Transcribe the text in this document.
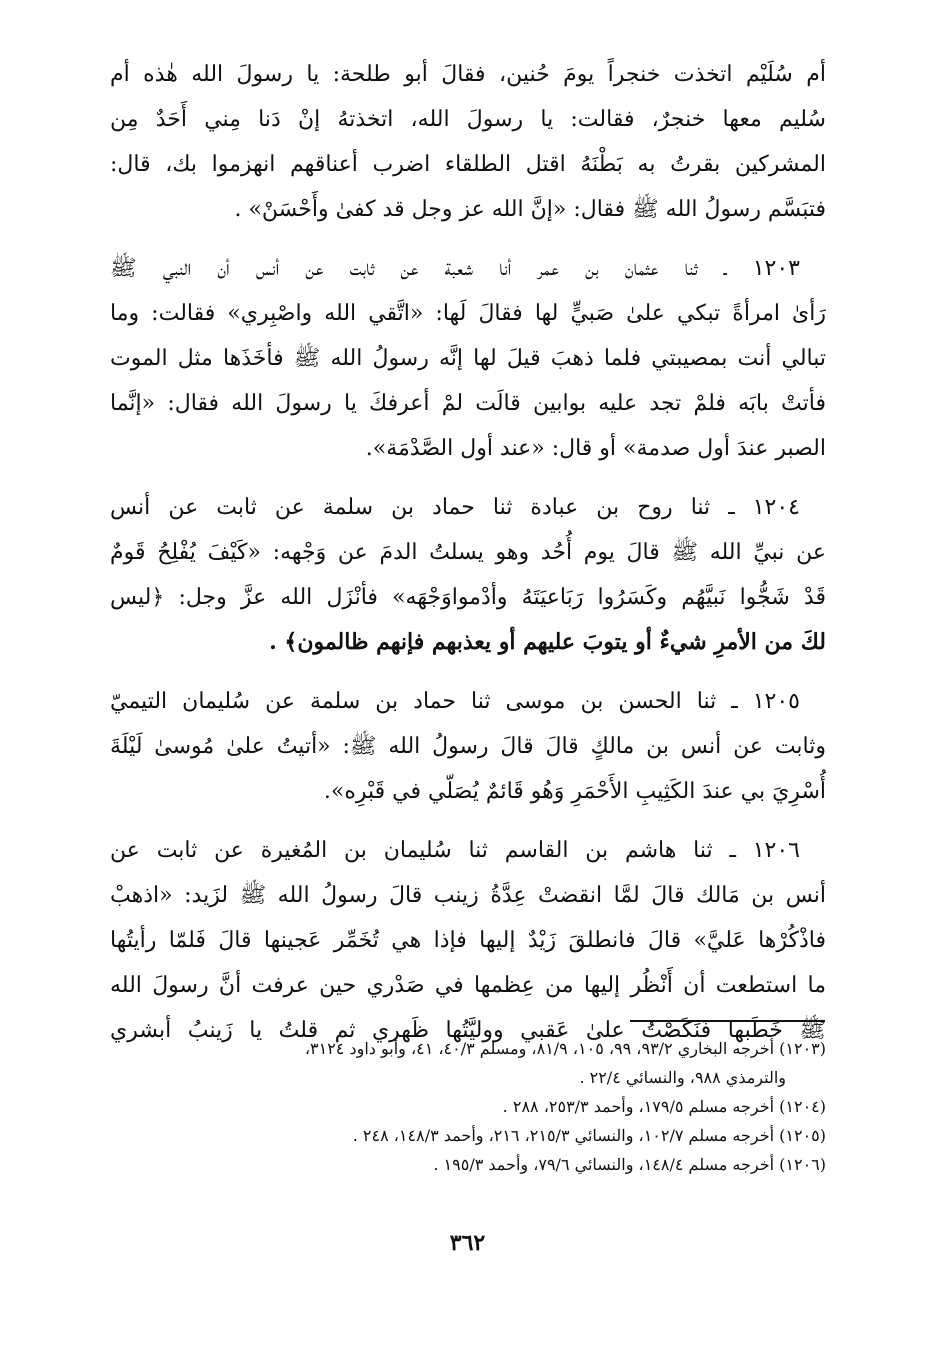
أم سُلَيْم اتخذت خنجراً يومَ حُنين، فقالَ أبو طلحة: يا رسولَ الله هٰذه أم
سُليم معها خنجرٌ، فقالت: يا رسولَ الله، اتخذتهُ إنْ دَنا مِني أَحَدٌ مِن
المشركين بقرتُ به بَطْنَهُ اقتل الطلقاء اضرب أعناقهم انهزموا بك، قال:
فتبَسَّم رسولُ الله ﷺ فقال: «إنَّ الله عز وجل قد كفىٰ وأَحْسَنْ» .
١٢٠٣ ـ ثنا عثمان بن عمر أنا شعبة عن ثابت عن أنس أن النبي ﷺ
رَأىٰ امرأةً تبكي علىٰ صَبيٍّ لها فقالَ لَها: «اتَّقي الله واصْبِري» فقالت: وما
تبالي أنت بمصيبتي فلما ذهبَ قيلَ لها إنَّه رسولُ الله ﷺ فأخَذَها مثل الموت
فأتتْ بابَه فلمْ تجد عليه بوابين قالَت لمْ أعرفكَ يا رسولَ الله فقال: «إنَّما
الصبر عندَ أول صدمة» أو قال: «عند أول الصَّدْمَة».
١٢٠٤ ـ ثنا روح بن عبادة ثنا حماد بن سلمة عن ثابت عن أنس
عن نبيِّ الله ﷺ قالَ يوم أُحُد وهو يسلتُ الدمَ عن وَجْهه: «كَيْفَ يُفْلِحُ قَومٌ
قَدْ شَجُّوا نَبيَّهُم وكَسَرُوا رَبَاعيَتَهُ وأدْمواوَجْهَه» فأنْزَل الله عزَّ وجل: ﴿ليس
لكَ من الأمرِ شيءٌ أو يتوبَ عليهم أو يعذبهم فإنهم ظالمون﴾ .
١٢٠٥ ـ ثنا الحسن بن موسى ثنا حماد بن سلمة عن سُليمان التيميّ
وثابت عن أنس بن مالكٍ قالَ قالَ رسولُ الله ﷺ: «أتيتُ علىٰ مُوسىٰ لَيْلَةَ
أُسْرِيَ بي عندَ الكَثِيبِ الأَحْمَرِ وَهُو قَائمٌ يُصَلّي في قَبْرِه».
١٢٠٦ ـ ثنا هاشم بن القاسم ثنا سُليمان بن المُغيرة عن ثابت عن
أنس بن مَالك قالَ لمَّا انقضتْ عِدَّةُ زينب قالَ رسولُ الله ﷺ لزَيد: «اذهبْ
فاذْكُرْها عَليَّ» قالَ فانطلقَ زَيْدٌ إليها فإذا هي تُخَمِّر عَجينها قالَ فَلمّا رأيتُها
ما استطعت أن أَنْظُر إليها من عِظمها في صَدْري حين عرفت أنَّ رسولَ الله
ﷺ خَطَبها فَنَكَصْتُ علىٰ عَقبي ووليَّتُها ظَهري ثم قلتُ يا زَينبُ أبشري
(١٢٠٣) أخرجه البخاري ٩٣/٢، ٩٩، ١٠٥، ٨١/٩، ومسلم ٤٠/٣، ٤١، وأبو داود ٣١٢٤،
والترمذي ٩٨٨، والنسائي ٢٢/٤ .
(١٢٠٤) أخرجه مسلم ١٧٩/٥، وأحمد ٢٥٣/٣، ٢٨٨ .
(١٢٠٥) أخرجه مسلم ١٠٢/٧، والنسائي ٢١٥/٣، ٢١٦، وأحمد ١٤٨/٣، ٢٤٨ .
(١٢٠٦) أخرجه مسلم ١٤٨/٤، والنسائي ٧٩/٦، وأحمد ١٩٥/٣ .
٣٦٢
